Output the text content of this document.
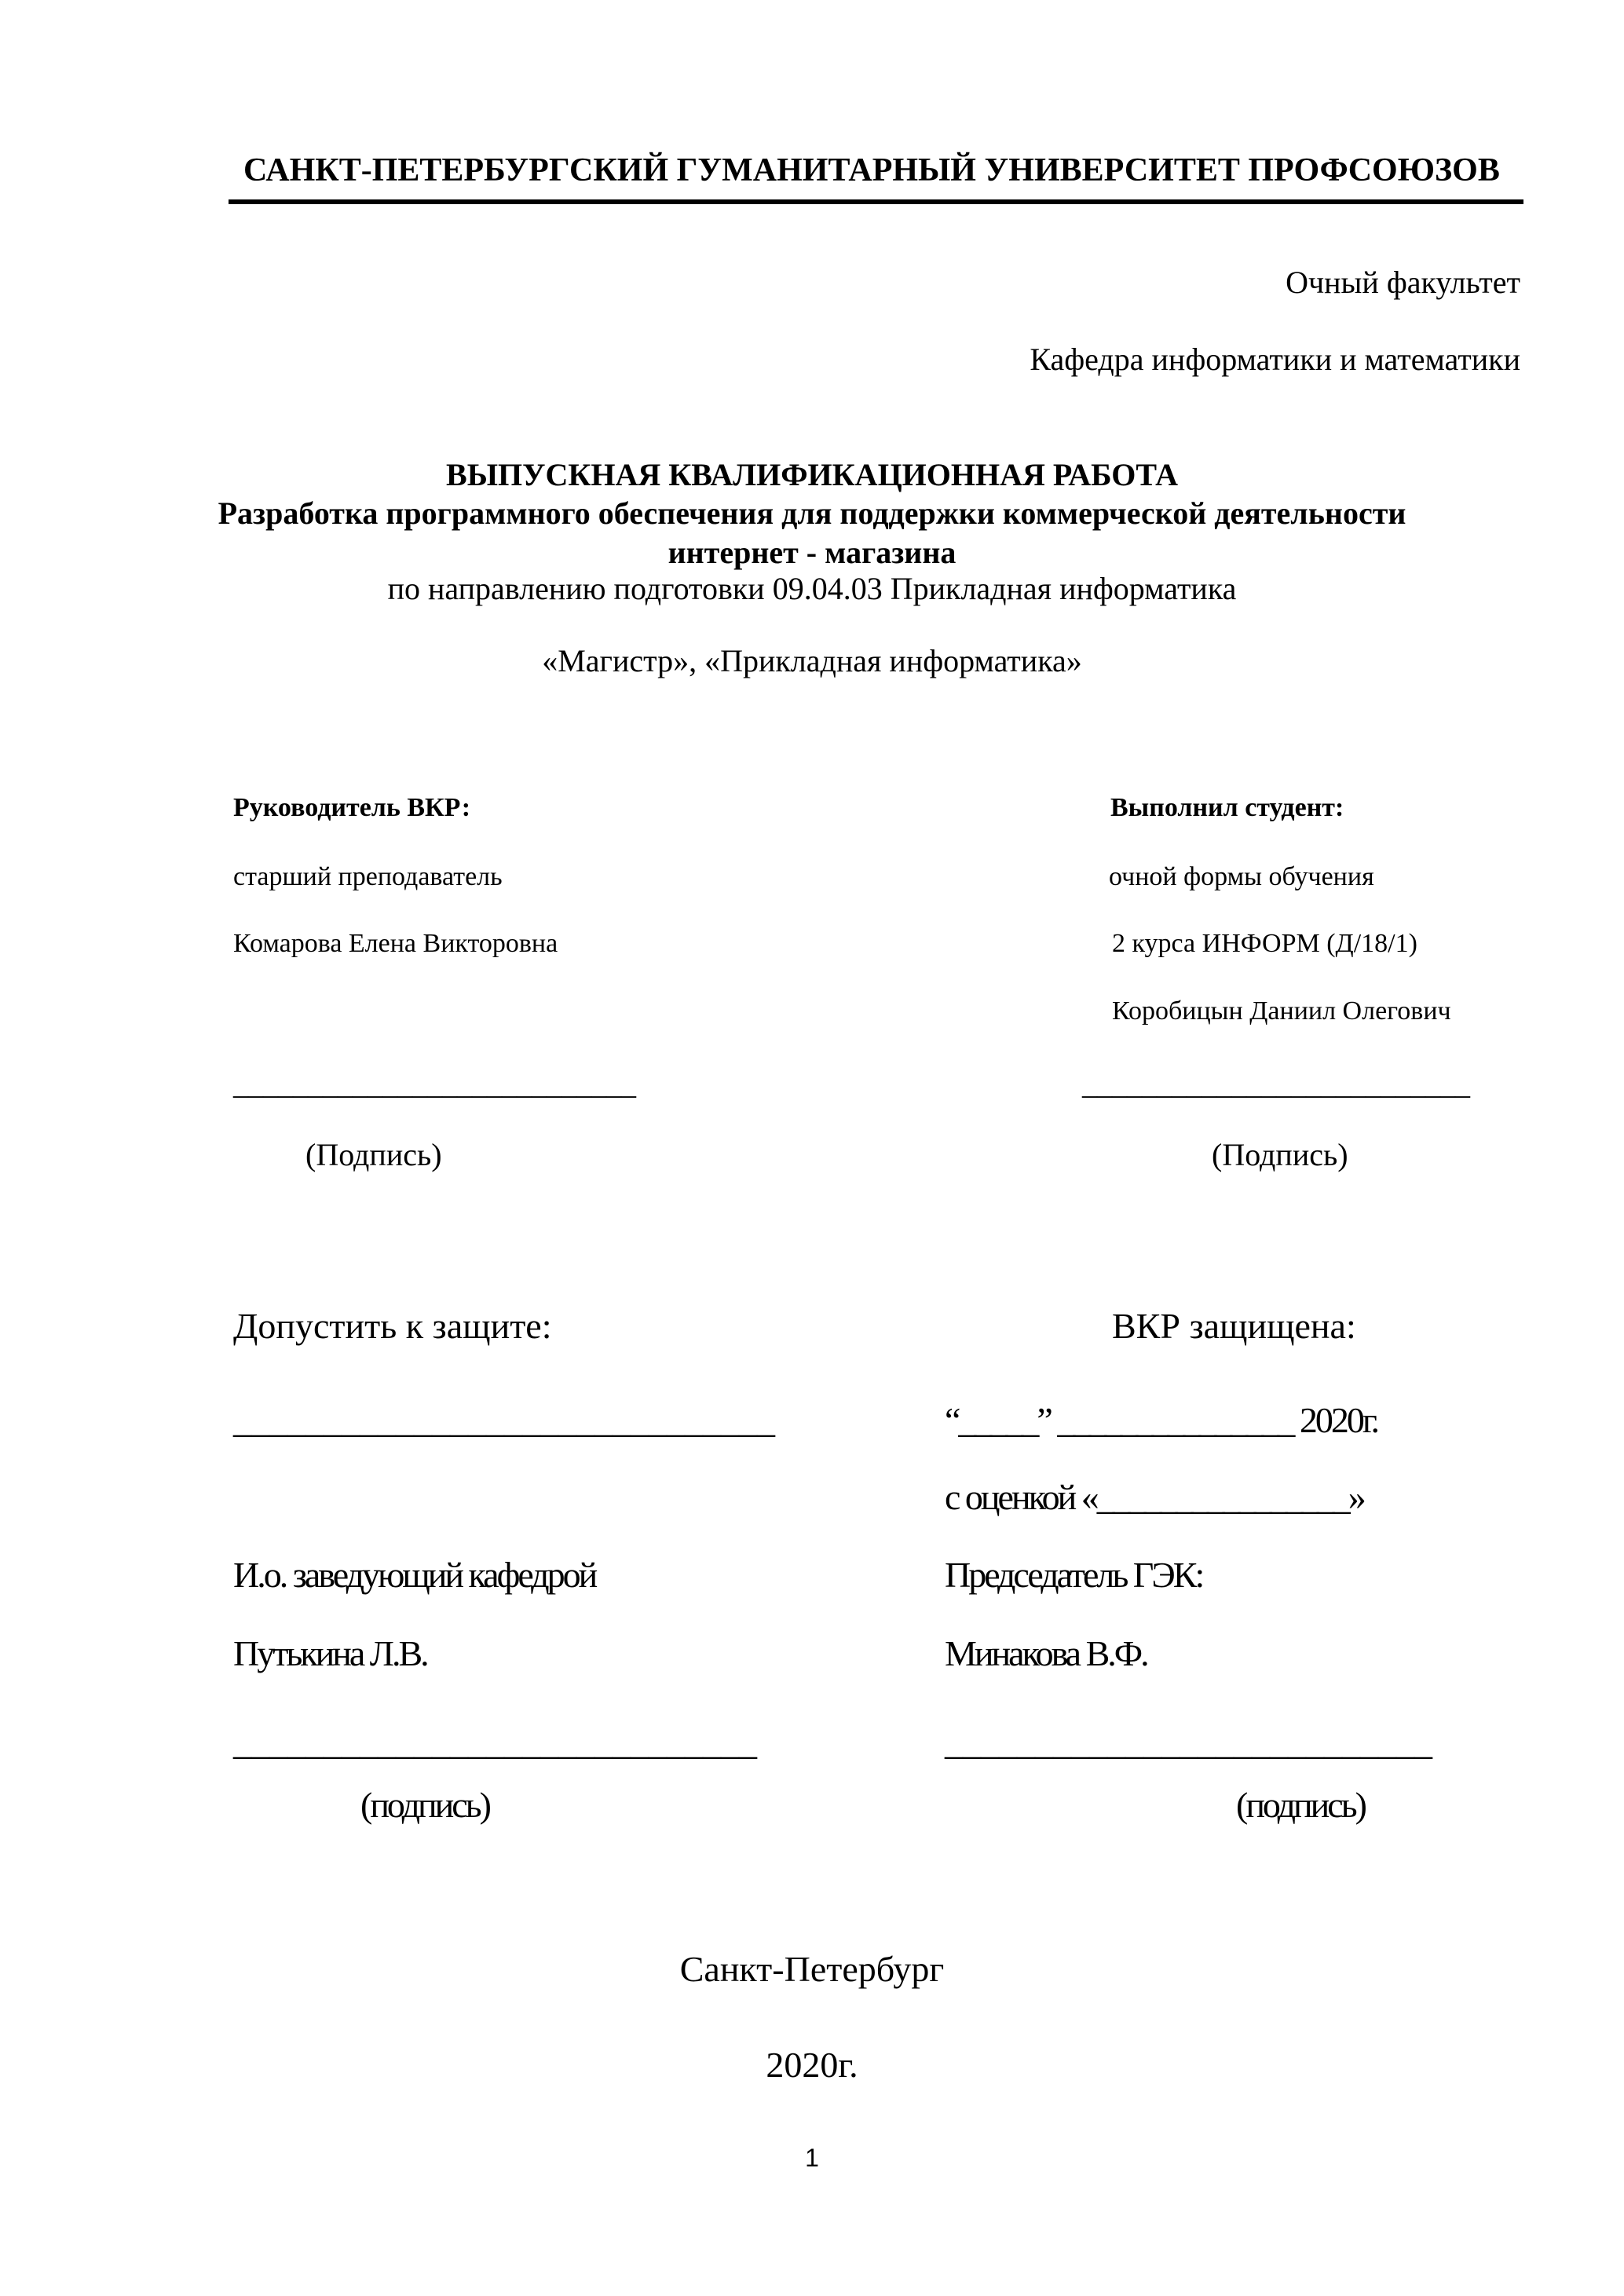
САНКТ-ПЕТЕРБУРГСКИЙ ГУМАНИТАРНЫЙ УНИВЕРСИТЕТ ПРОФСОЮЗОВ
Очный факультет
Кафедра информатики и математики
ВЫПУСКНАЯ КВАЛИФИКАЦИОННАЯ РАБОТА
Разработка программного обеспечения для поддержки коммерческой деятельности
интернет - магазина
по направлению подготовки 09.04.03 Прикладная информатика
«Магистр», «Прикладная информатика»
Руководитель ВКР:
старший преподаватель
Комарова Елена Викторовна
___________________________
(Подпись)
Выполнил студент:
очной формы обучения
2 курса ИНФОРМ (Д/18/1)
Коробицын Даниил Олегович
__________________________
(Подпись)
Допустить к защите:
______________________________
И.о. заведующий кафедрой
Путькина Л.В.
_____________________________
(подпись)
ВКР защищена:
“_____” _______________ 2020г.
с оценкой «________________»
Председатель ГЭК:
Минакова В.Ф.
___________________________
(подпись)
Санкт-Петербург
2020г.
1
